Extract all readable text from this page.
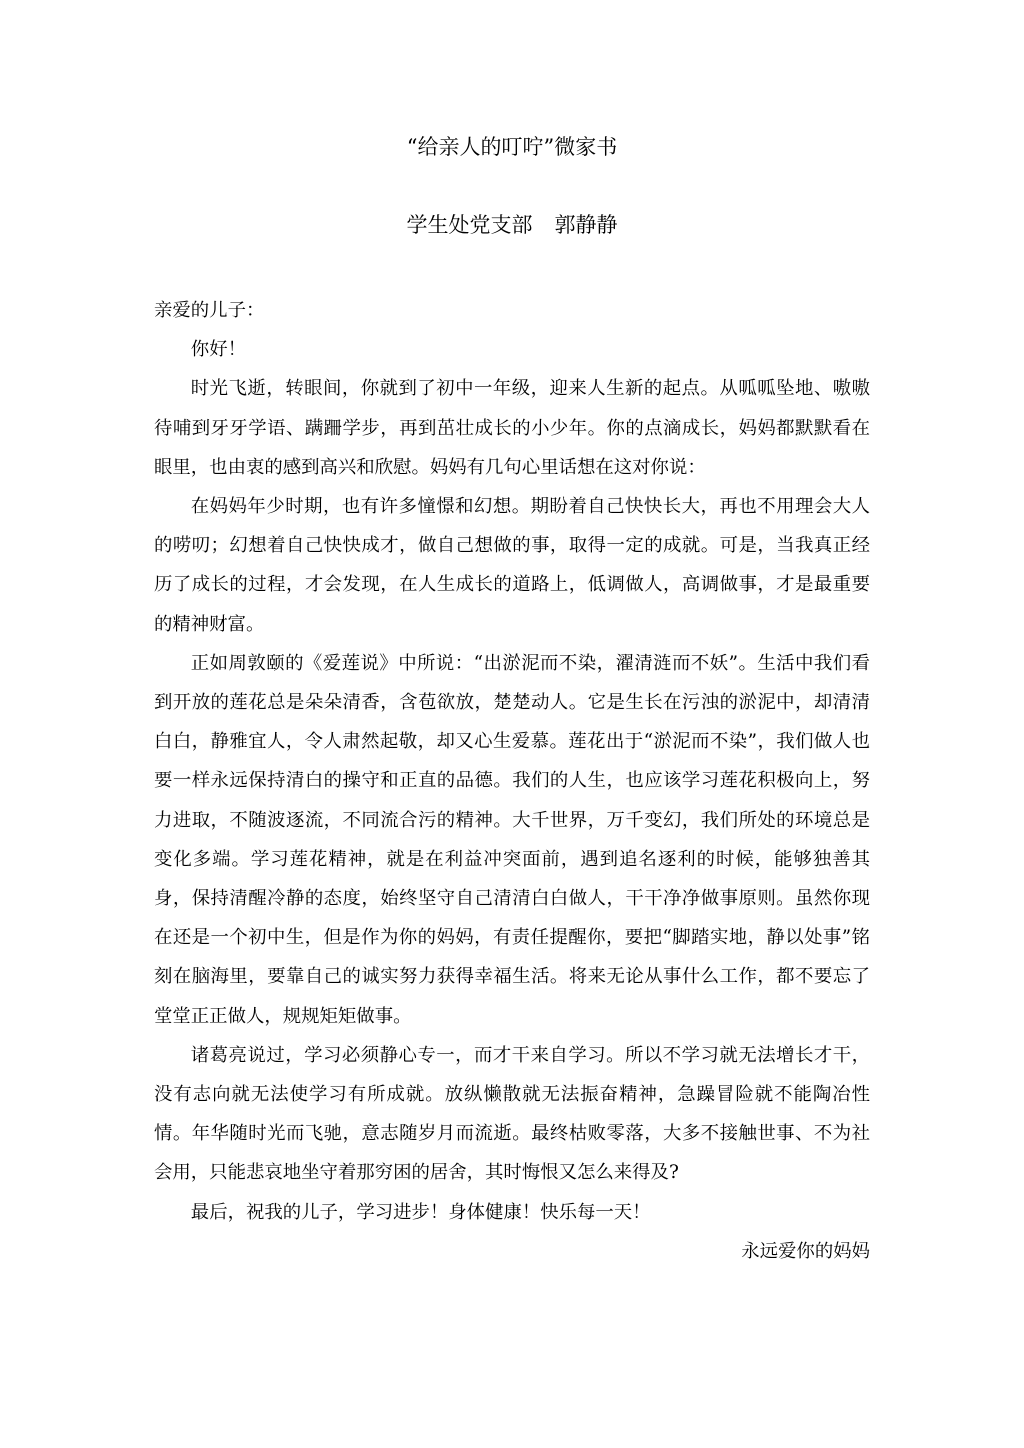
“给亲人的叮咛”微家书
学生处党支部 郭静静

亲爱的儿子：

你好！

时光飞逝，转眼间，你就到了初中一年级，迎来人生新的起点。从呱呱坠地、嗷嗷待哺到牙牙学语、蹒跚学步，再到茁壮成长的小少年。你的点滴成长，妈妈都默默看在眼里，也由衷的感到高兴和欣慰。妈妈有几句心里话想在这对你说：

在妈妈年少时期，也有许多憧憬和幻想。期盼着自己快快长大，再也不用理会大人的唠叨；幻想着自己快快成才，做自己想做的事，取得一定的成就。可是，当我真正经历了成长的过程，才会发现，在人生成长的道路上，低调做人，高调做事，才是最重要的精神财富。

正如周敦颐的《爱莲说》中所说：“出淤泥而不染，濯清涟而不妖”。生活中我们看到开放的莲花总是朵朵清香，含苞欲放，楚楚动人。它是生长在污浊的淤泥中，却清清白白，静雅宜人，令人肃然起敬，却又心生爱慕。莲花出于“淤泥而不染”，我们做人也要一样永远保持清白的操守和正直的品德。我们的人生，也应该学习莲花积极向上，努力进取，不随波逐流，不同流合污的精神。大千世界，万千变幻，我们所处的环境总是变化多端。学习莲花精神，就是在利益冲突面前，遇到追名逐利的时候，能够独善其身，保持清醒冷静的态度，始终坚守自己清清白白做人，干干净净做事原则。虽然你现在还是一个初中生，但是作为你的妈妈，有责任提醒你，要把“脚踏实地，静以处事”铭刻在脑海里，要靠自己的诚实努力获得幸福生活。将来无论从事什么工作，都不要忘了堂堂正正做人，规规矩矩做事。

诸葛亮说过，学习必须静心专一，而才干来自学习。所以不学习就无法增长才干，没有志向就无法使学习有所成就。放纵懒散就无法振奋精神，急躁冒险就不能陶冶性情。年华随时光而飞驰，意志随岁月而流逝。最终枯败零落，大多不接触世事、不为社会用，只能悲哀地坐守着那穷困的居舍，其时悔恨又怎么来得及?

最后，祝我的儿子，学习进步！身体健康！快乐每一天！

永远爱你的妈妈
